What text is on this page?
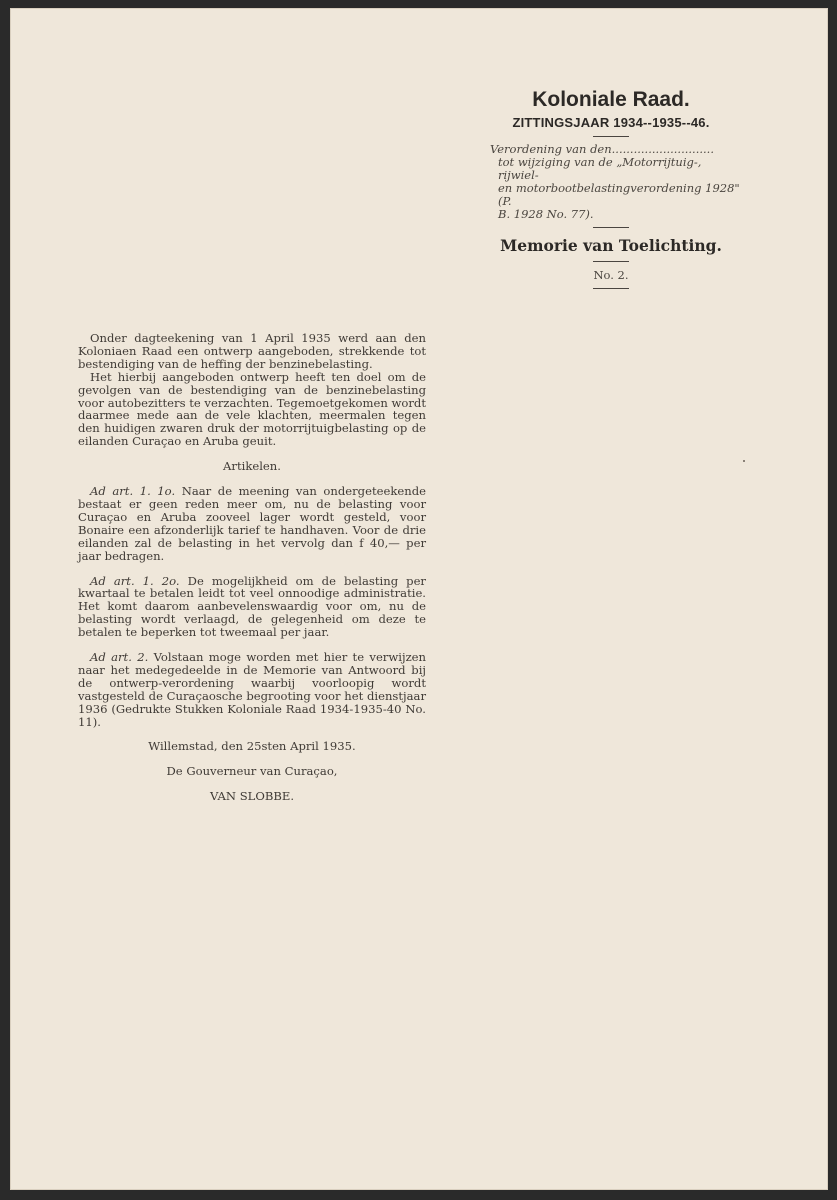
Koloniale Raad.
ZITTINGSJAAR 1934--1935--46.
Verordening van den............................
tot wijziging van de „Motorrijtuig-, rijwiel-
en motorbootbelastingverordening 1928" (P.
B. 1928 No. 77).
Memorie van Toelichting.
No. 2.

Onder dagteekening van 1 April 1935 werd aan den Koloniaen Raad een ontwerp aangeboden, strekkende tot bestendiging van de heffing der benzinebelasting.

Het hierbij aangeboden ontwerp heeft ten doel om de gevolgen van de bestendiging van de benzinebelasting voor autobezitters te verzachten. Tegemoetgekomen wordt daarmee mede aan de vele klachten, meermalen tegen den huidigen zwaren druk der motorrijtuigbelasting op de eilanden Curaçao en Aruba geuit.

Artikelen.

Ad art. 1. 1o. Naar de meening van ondergeteekende bestaat er geen reden meer om, nu de belasting voor Curaçao en Aruba zooveel lager wordt gesteld, voor Bonaire een afzonderlijk tarief te handhaven. Voor de drie eilanden zal de belasting in het vervolg dan f 40,— per jaar bedragen.

Ad art. 1. 2o. De mogelijkheid om de belasting per kwartaal te betalen leidt tot veel onnoodige administratie. Het komt daarom aanbevelenswaardig voor om, nu de belasting wordt verlaagd, de gelegenheid om deze te betalen te beperken tot tweemaal per jaar.

Ad art. 2. Volstaan moge worden met hier te verwijzen naar het medegedeelde in de Memorie van Antwoord bij de ontwerp-verordening waarbij voorloopig wordt vastgesteld de Curaçaosche begrooting voor het dienstjaar 1936 (Gedrukte Stukken Koloniale Raad 1934-1935-40 No. 11).

Willemstad, den 25sten April 1935.

De Gouverneur van Curaçao,

VAN SLOBBE.
